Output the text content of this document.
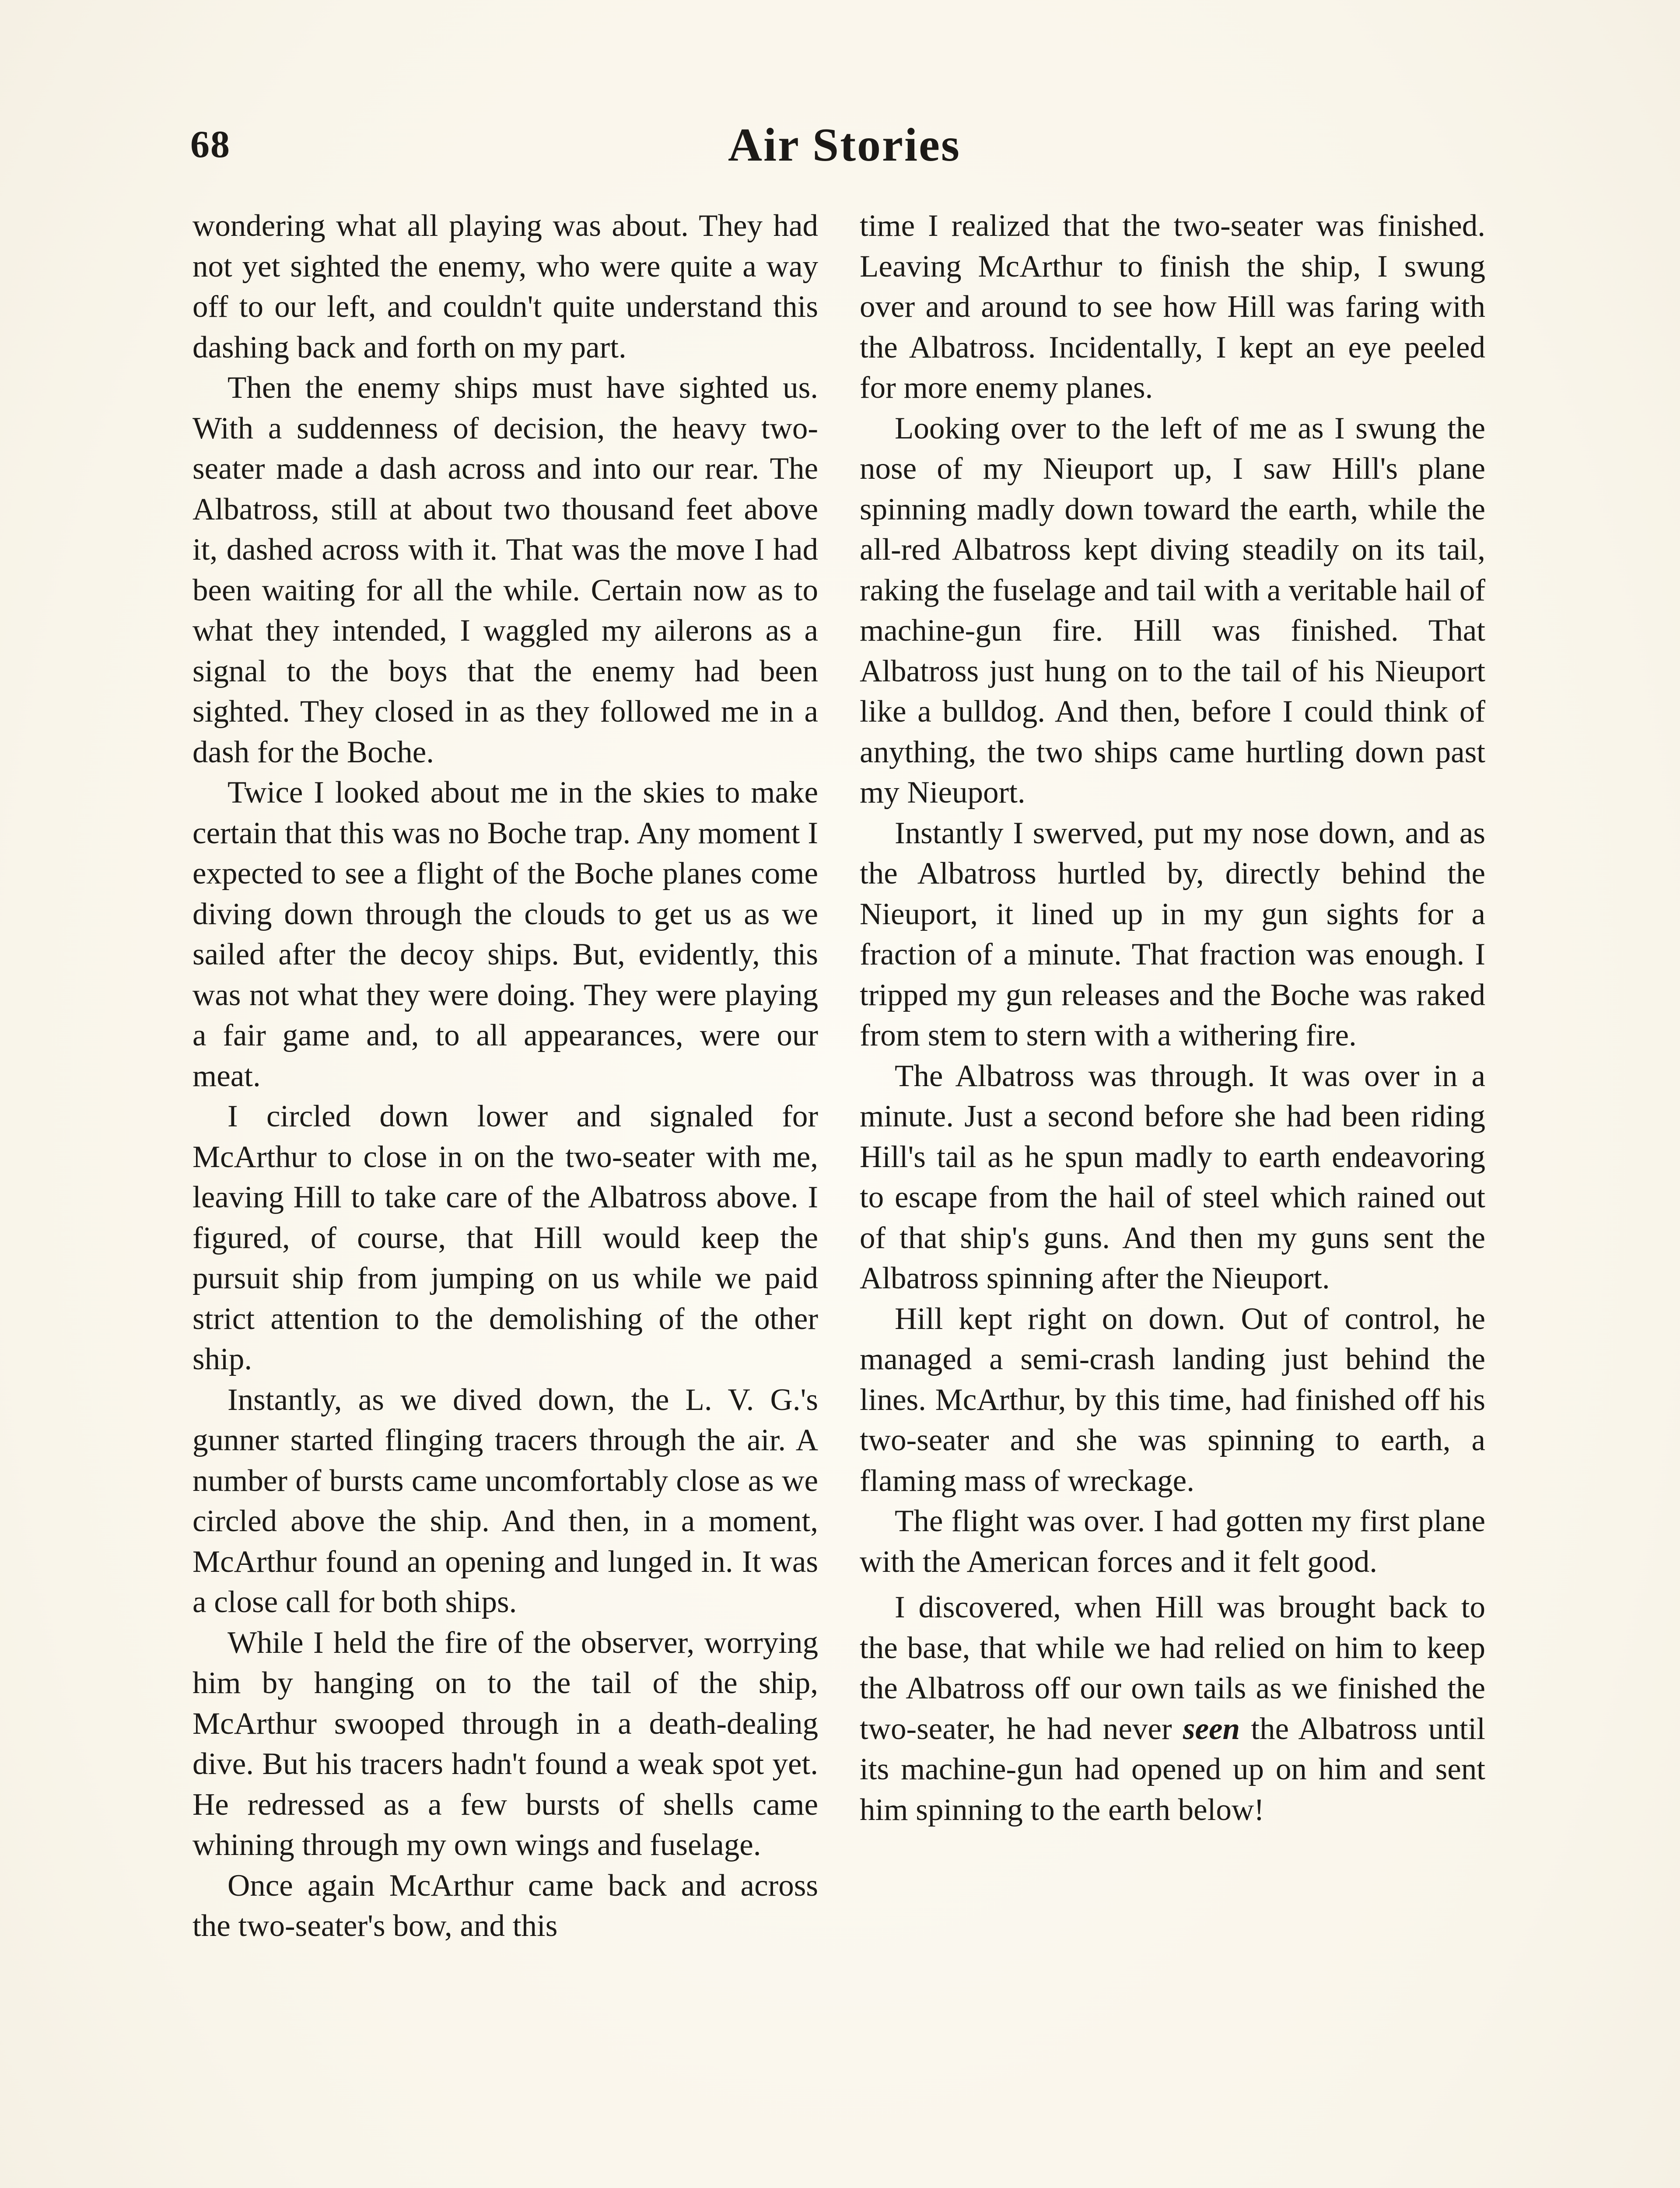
68	Air Stories

wondering what all playing was about. They had not yet sighted the enemy, who were quite a way off to our left, and couldn't quite understand this dashing back and forth on my part.

Then the enemy ships must have sighted us. With a suddenness of decision, the heavy two-seater made a dash across and into our rear. The Albatross, still at about two thousand feet above it, dashed across with it. That was the move I had been waiting for all the while. Certain now as to what they intended, I waggled my ailerons as a signal to the boys that the enemy had been sighted. They closed in as they followed me in a dash for the Boche.

Twice I looked about me in the skies to make certain that this was no Boche trap. Any moment I expected to see a flight of the Boche planes come diving down through the clouds to get us as we sailed after the decoy ships. But, evidently, this was not what they were doing. They were playing a fair game and, to all appearances, were our meat.

I circled down lower and signaled for McArthur to close in on the two-seater with me, leaving Hill to take care of the Albatross above. I figured, of course, that Hill would keep the pursuit ship from jumping on us while we paid strict attention to the demolishing of the other ship.

Instantly, as we dived down, the L. V. G.'s gunner started flinging tracers through the air. A number of bursts came uncomfortably close as we circled above the ship. And then, in a moment, McArthur found an opening and lunged in. It was a close call for both ships.

While I held the fire of the observer, worrying him by hanging on to the tail of the ship, McArthur swooped through in a death-dealing dive. But his tracers hadn't found a weak spot yet. He redressed as a few bursts of shells came whining through my own wings and fuselage.

Once again McArthur came back and across the two-seater's bow, and this

time I realized that the two-seater was finished. Leaving McArthur to finish the ship, I swung over and around to see how Hill was faring with the Albatross. Incidentally, I kept an eye peeled for more enemy planes.

Looking over to the left of me as I swung the nose of my Nieuport up, I saw Hill's plane spinning madly down toward the earth, while the all-red Albatross kept diving steadily on its tail, raking the fuselage and tail with a veritable hail of machine-gun fire. Hill was finished. That Albatross just hung on to the tail of his Nieuport like a bulldog. And then, before I could think of anything, the two ships came hurtling down past my Nieuport.

Instantly I swerved, put my nose down, and as the Albatross hurtled by, directly behind the Nieuport, it lined up in my gun sights for a fraction of a minute. That fraction was enough. I tripped my gun releases and the Boche was raked from stem to stern with a withering fire.

The Albatross was through. It was over in a minute. Just a second before she had been riding Hill's tail as he spun madly to earth endeavoring to escape from the hail of steel which rained out of that ship's guns. And then my guns sent the Albatross spinning after the Nieuport.

Hill kept right on down. Out of control, he managed a semi-crash landing just behind the lines. McArthur, by this time, had finished off his two-seater and she was spinning to earth, a flaming mass of wreckage.

The flight was over. I had gotten my first plane with the American forces and it felt good.

I discovered, when Hill was brought back to the base, that while we had relied on him to keep the Albatross off our own tails as we finished the two-seater, he had never seen the Albatross until its machine-gun had opened up on him and sent him spinning to the earth below!
